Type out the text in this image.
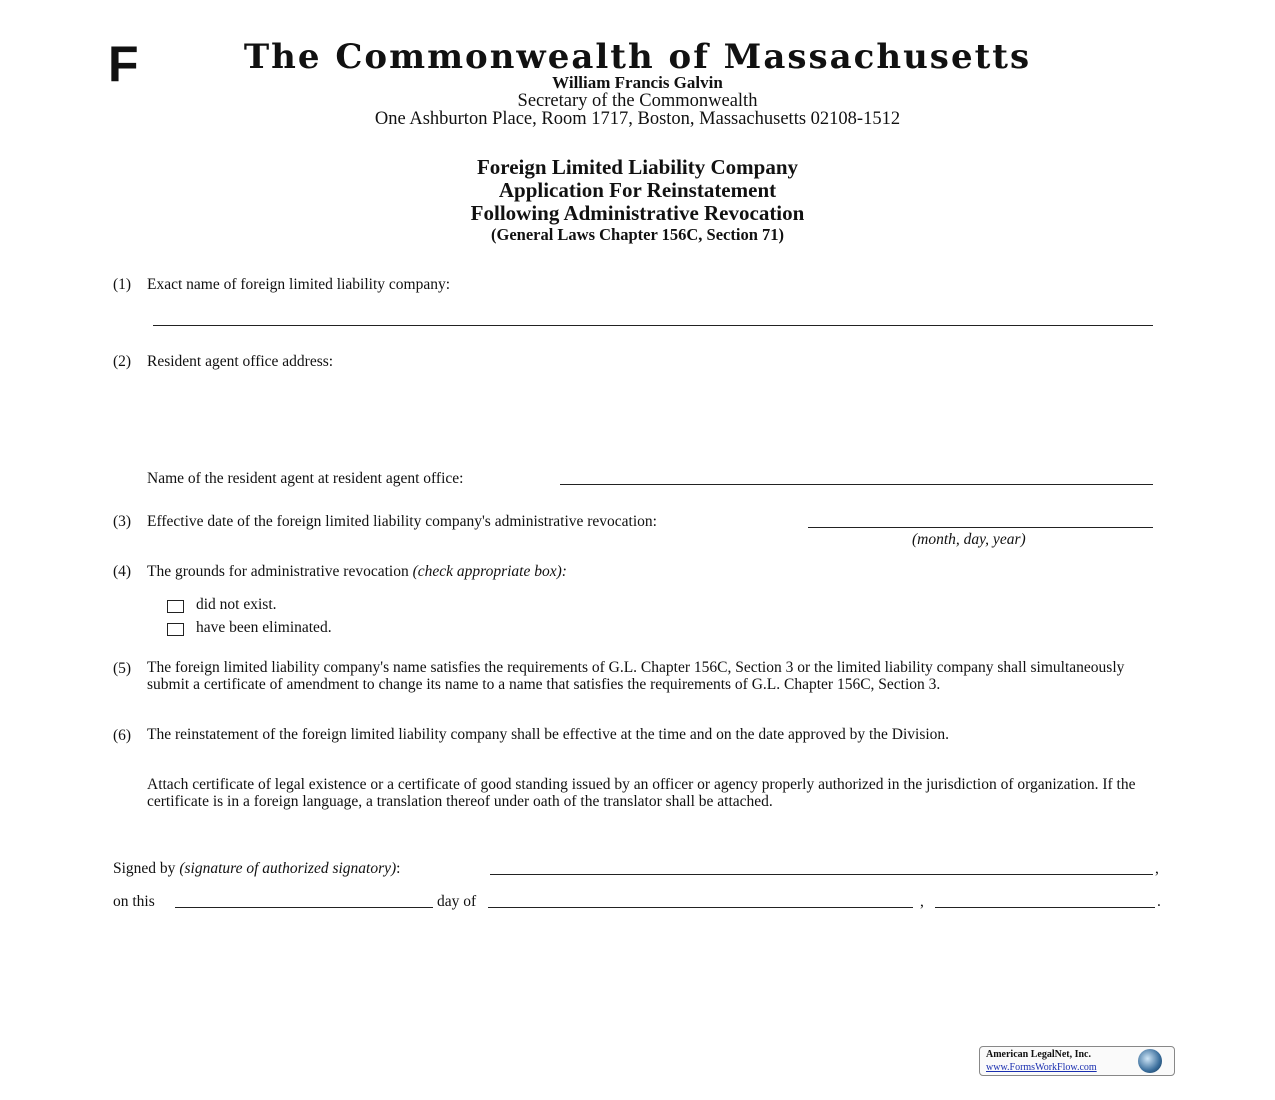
F	The Commonwealth of Massachusetts
William Francis Galvin
Secretary of the Commonwealth
One Ashburton Place, Room 1717, Boston, Massachusetts 02108-1512
Foreign Limited Liability Company
Application For Reinstatement
Following Administrative Revocation
(General Laws Chapter 156C, Section 71)
(1) Exact name of foreign limited liability company:
(2) Resident agent office address:
Name of the resident agent at resident agent office:
(3) Effective date of the foreign limited liability company's administrative revocation:
(month, day, year)
(4) The grounds for administrative revocation (check appropriate box):
did not exist.
have been eliminated.
(5) The foreign limited liability company's name satisfies the requirements of G.L. Chapter 156C, Section 3 or the limited liability company shall simultaneously submit a certificate of amendment to change its name to a name that satisfies the requirements of G.L. Chapter 156C, Section 3.
(6) The reinstatement of the foreign limited liability company shall be effective at the time and on the date approved by the Division.
Attach certificate of legal existence or a certificate of good standing issued by an officer or agency properly authorized in the jurisdiction of organization. If the certificate is in a foreign language, a translation thereof under oath of the translator shall be attached.
Signed by (signature of authorized signatory):	,
on this	day of	,	.
American LegalNet, Inc.
www.FormsWorkFlow.com
